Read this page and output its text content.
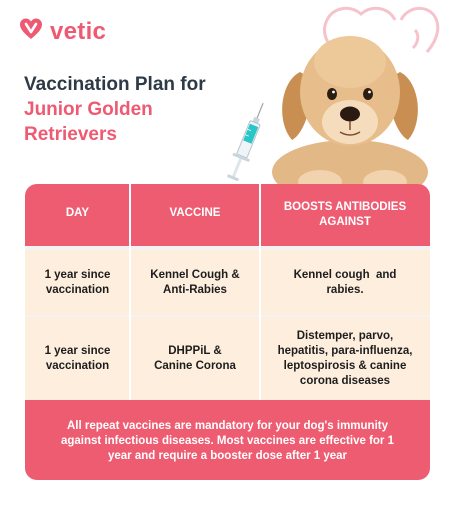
vetic
Vaccination Plan for
Junior Golden
Retrievers
DAY	VACCINE	BOOSTS ANTIBODIES
AGAINST
1 year since
vaccination
Kennel Cough &
Anti-Rabies
Kennel cough  and
rabies.
1 year since
vaccination
DHPPiL &
Canine Corona
Distemper, parvo,
hepatitis, para-influenza,
leptospirosis & canine
corona diseases
All repeat vaccines are mandatory for your dog's immunity
against infectious diseases. Most vaccines are effective for 1
year and require a booster dose after 1 year
